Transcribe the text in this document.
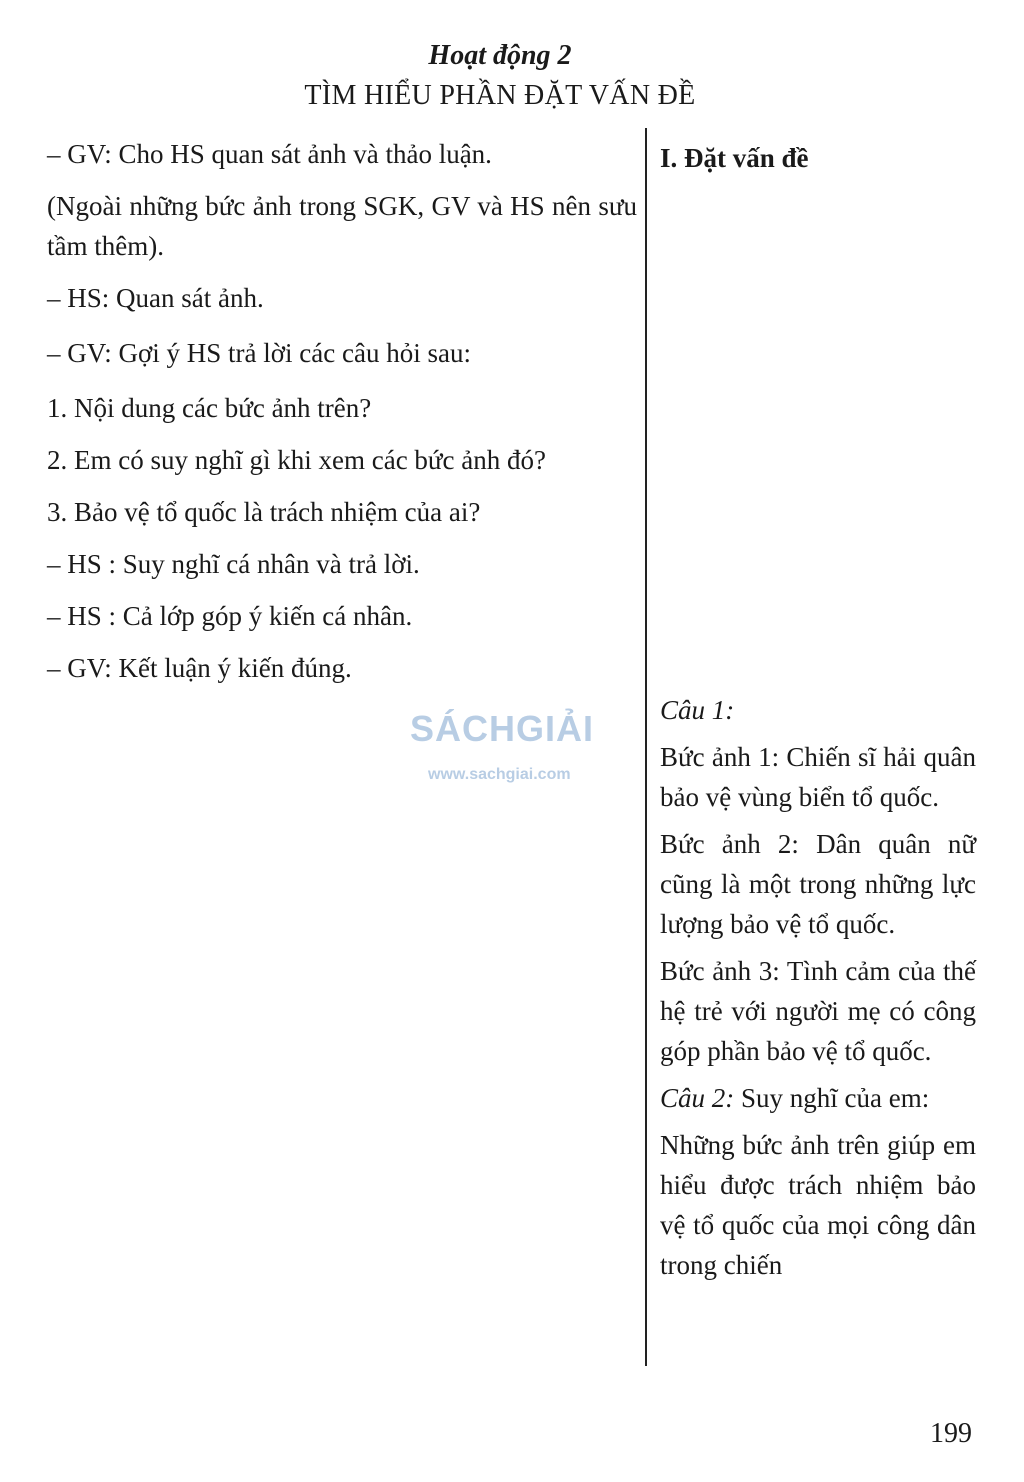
Hoạt động 2
TÌM HIỂU PHẦN ĐẶT VẤN ĐỀ

– GV: Cho HS quan sát ảnh và thảo luận.

(Ngoài những bức ảnh trong SGK, GV và HS nên sưu tầm thêm).

– HS: Quan sát ảnh.

– GV: Gợi ý HS trả lời các câu hỏi sau:

1. Nội dung các bức ảnh trên?

2. Em có suy nghĩ gì khi xem các bức ảnh đó?

3. Bảo vệ tổ quốc là trách nhiệm của ai?

– HS : Suy nghĩ cá nhân và trả lời.

– HS : Cả lớp góp ý kiến cá nhân.

– GV: Kết luận ý kiến đúng.

I. Đặt vấn đề

Câu 1:

Bức ảnh 1: Chiến sĩ hải quân bảo vệ vùng biển tổ quốc.

Bức ảnh 2: Dân quân nữ cũng là một trong những lực lượng bảo vệ tổ quốc.

Bức ảnh 3: Tình cảm của thế hệ trẻ với người mẹ có công góp phần bảo vệ tổ quốc.

Câu 2: Suy nghĩ của em:

Những bức ảnh trên giúp em hiểu được trách nhiệm bảo vệ tổ quốc của mọi công dân trong chiến

SÁCHGIẢI
www.sachgiai.com
199
